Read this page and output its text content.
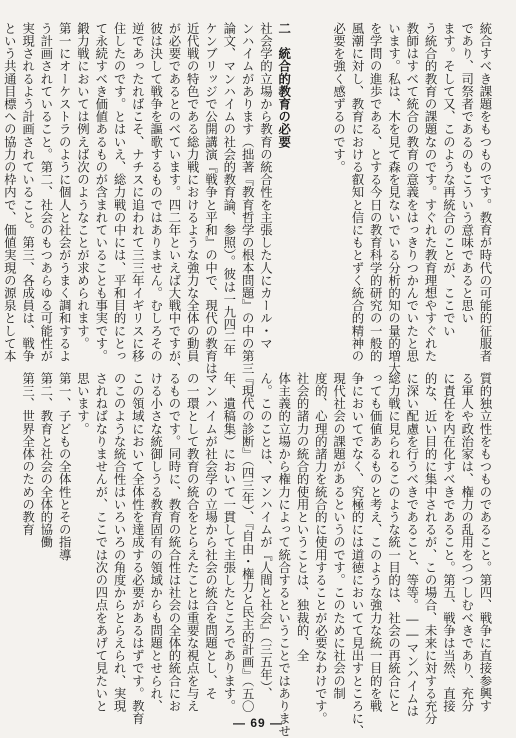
統合すべき課題をもつものです。教育が時代の可能的征服者
であり、司祭者であるのもこういう意味であると思い
ます。そして又、このような再統合のことが、ここでい
う統合的教育の課題なのです。すぐれた教育理想やすぐれた
教師はすべて統合の教育の意義をはっきりつかんでいたと思
います。私は、木を見て森を見ないでいる分析的知の量的増大
を学問の進歩である、とする今日の教育科学的研究の一般的
風潮に対し、教育における叡知と信にもとずく統合的精神の
必要を強く感ずるのです。

二　統合的教育の必要
社会学的立場から教育の統合性を主張した人にカール・マ
ンハイムがあります（拙著『教育哲学の根本問題』の中の第三
論文、マンハイムの社会的教育論、参照）。彼は一九四二年
ケンブリッジで公開講演『戦争と平和』の中で、現代の教育は
近代戦の特色である総力戦におけるような強力な全体の動員
が必要であるとのべています。四二年といえば大戦中ですが、
彼は決して戦争を謳歌するものではありません。むしろその
逆であったればこそ、ナチスに追われて三三年イギリスに移
住したのです。とはいえ、総力戦の中には、平和目的にとっ
て永続すべき価値あるものが含まれていることも事実です。
鍛力戦においては例えば次のようなことが求められます。
第一にオーケストラのように個人と社会がうまく調和するよ
う計画されていること。第二、社会のもつあらゆる可能性が
実現されるよう計画されていること。第三、各成員は、戦争
という共通目標への協力の枠内で、価値実現の源泉として本
質的独立性をもつものであること。第四、戦争に直接参興す
る軍人や政治家は、権力の乱用をつつしむべきであり、充分
に責任を内在化すべきであること。第五、戦争は当然、直接
的な、近い目的に集中されるが、この場合、未来に対する充分
に深い配慮を行うべきであること、等等。――マンハイムは
総力戦に見られるこのような統一目的は、社会の再統合にと
っても価値あるものと考え、このような強力な統一目的を戦
争においてでなく、究極的には道徳においてて見出すところに、
現代社会の課題があるというのです。このために社会の制
度的、心理的諸力を統合的に使用することが必要なわけです。
社会的諸力の統合的使用ということは、独裁的、全
体主義的立場から権力によって統合するということではありませ
ん。このことは、マンハイムが『人間と社会』（三五年）、
『現代の診断』（四三年）、『自由・権力と民主的計画』（五〇
年、遺稿集）において一貫して主張したところであります。
マンハイムが社会学の立場から社会の統合を問題とし、そ
の一環として教育の統合をとらえたことは重要な視点を与え
るものです。同時に、教育の統合性は社会の全体的統合にお
ける小さな統御しうる教育固有の領域からも問題とせられ、
この領域において全体性を達成する必要があるはずです。教育
のこのような統合性はいろいろの角度からとらえられ、実現
されねばなりませんが、ここでは次の四点をあげて見たいと
思います。
第一、子どもの全体性とその指導
第二、教育と社会の全体的協働
第三、世界全体のための教育
— 69 —
